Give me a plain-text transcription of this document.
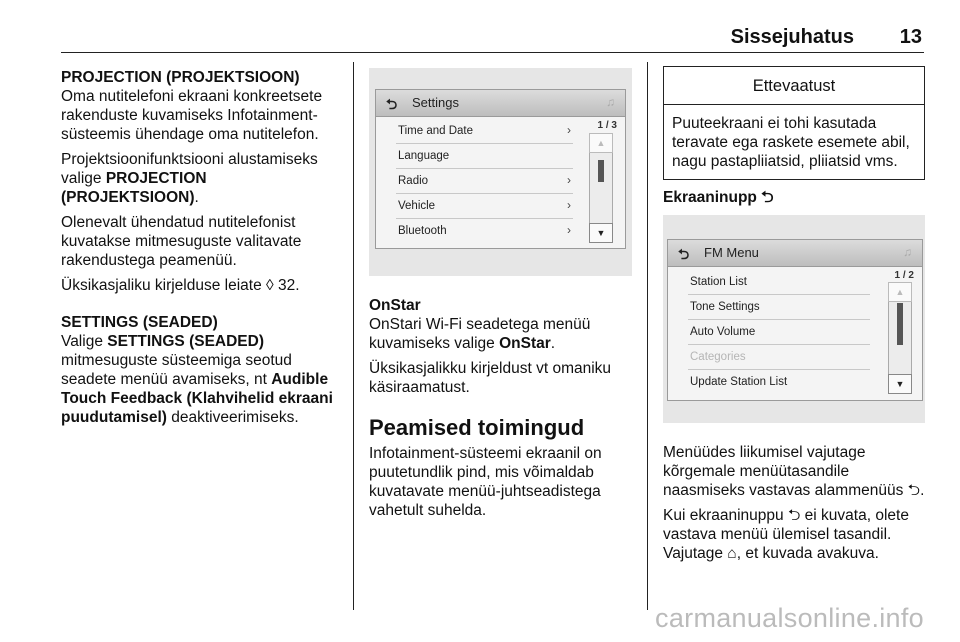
Sissejuhatus 13
PROJECTION (PROJEKTSIOON)

Oma nutitelefoni ekraani konkreetsete rakenduste kuvamiseks Infotainment-süsteemis ühendage oma nutitelefon.

Projektsioonifunktsiooni alustamiseks valige PROJECTION (PROJEKTSIOON).

Olenevalt ühendatud nutitelefonist kuvatakse mitmesuguste valitavate rakendustega peamenüü.

Üksikasjaliku kirjelduse leiate ◊ 32.

SETTINGS (SEADED)

Valige SETTINGS (SEADED) mitmesuguste süsteemiga seotud seadete menüü avamiseks, nt Audible Touch Feedback (Klahvihelid ekraani puudutamisel) deaktiveerimiseks.

⮌ Settings	♫
Time and Date	›
Language
Radio	›
Vehicle	›
Bluetooth	›
1 / 3
▲
▼
OnStar

OnStari Wi-Fi seadetega menüü kuvamiseks valige OnStar.

Üksikasjalikku kirjeldust vt omaniku käsiraamatust.

Peamised toimingud

Infotainment-süsteemi ekraanil on puutetundlik pind, mis võimaldab kuvatavate menüü-juhtseadistega vahetult suhelda.

Ettevaatust
Puuteekraani ei tohi kasutada teravate ega raskete esemete abil, nagu pastapliiatsid, pliiatsid vms.
Ekraaninupp ⮌
⮌ FM Menu	♫
Station List
Tone Settings
Auto Volume
Categories
Update Station List
1 / 2
▲
▼

Menüüdes liikumisel vajutage kõrgemale menüütasandile naasmiseks vastavas alammenüüs ⮌.

Kui ekraaninuppu ⮌ ei kuvata, olete vastava menüü ülemisel tasandil. Vajutage ⌂, et kuvada avakuva.

carmanualsonline.info
